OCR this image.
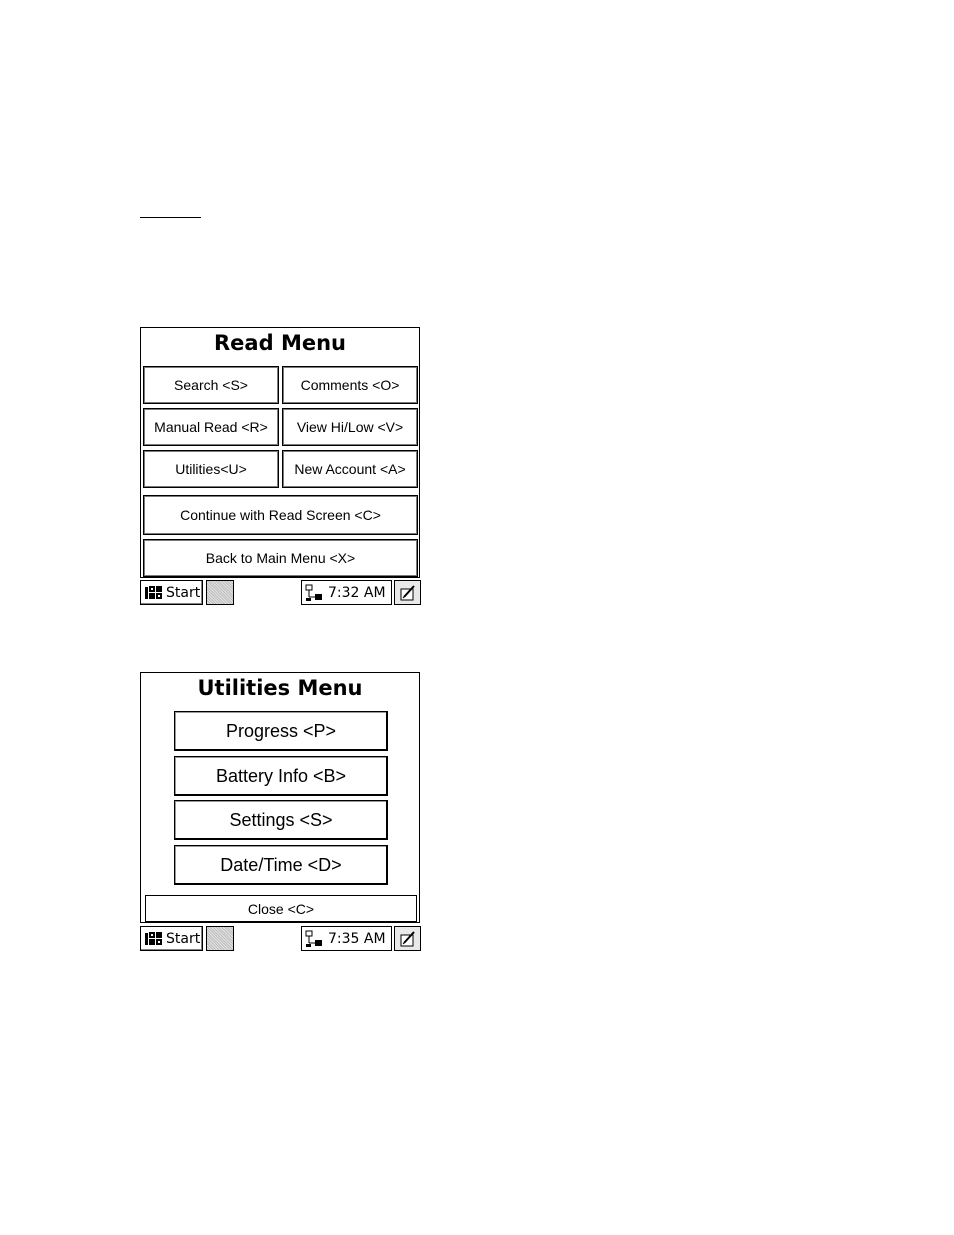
Read Menu
Search <S>	Comments <O>
Manual Read <R>	View Hi/Low <V>
Utilities<U>	New Account <A>
Continue with Read Screen <C>
Back to Main Menu <X>
Start	7:32 AM
Utilities Menu
Progress <P>
Battery Info <B>
Settings <S>
Date/Time <D>
Close <C>
Start	7:35 AM
